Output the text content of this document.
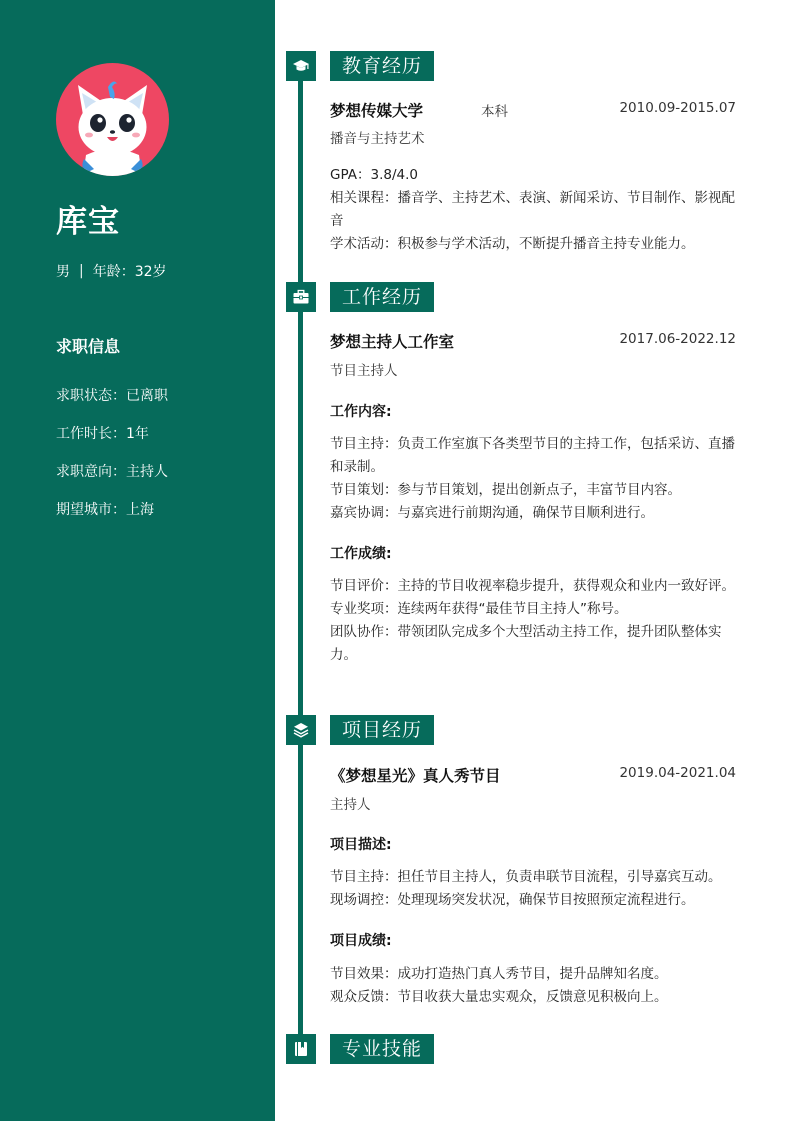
库宝
男 | 年龄：32岁
求职信息
求职状态：已离职
工作时长：1年
求职意向：主持人
期望城市：上海
教育经历
梦想传媒大学	本科	2010.09-2015.07
播音与主持艺术
GPA：3.8/4.0
相关课程：播音学、主持艺术、表演、新闻采访、节目制作、影视配音
学术活动：积极参与学术活动，不断提升播音主持专业能力。
工作经历
梦想主持人工作室	2017.06-2022.12
节目主持人
工作内容:
节目主持：负责工作室旗下各类型节目的主持工作，包括采访、直播和录制。
节目策划：参与节目策划，提出创新点子，丰富节目内容。
嘉宾协调：与嘉宾进行前期沟通，确保节目顺利进行。
工作成绩:
节目评价：主持的节目收视率稳步提升，获得观众和业内一致好评。
专业奖项：连续两年获得“最佳节目主持人”称号。
团队协作：带领团队完成多个大型活动主持工作，提升团队整体实力。
项目经历
《梦想星光》真人秀节目	2019.04-2021.04
主持人
项目描述:
节目主持：担任节目主持人，负责串联节目流程，引导嘉宾互动。
现场调控：处理现场突发状况，确保节目按照预定流程进行。
项目成绩:
节目效果：成功打造热门真人秀节目，提升品牌知名度。
观众反馈：节目收获大量忠实观众，反馈意见积极向上。
专业技能
